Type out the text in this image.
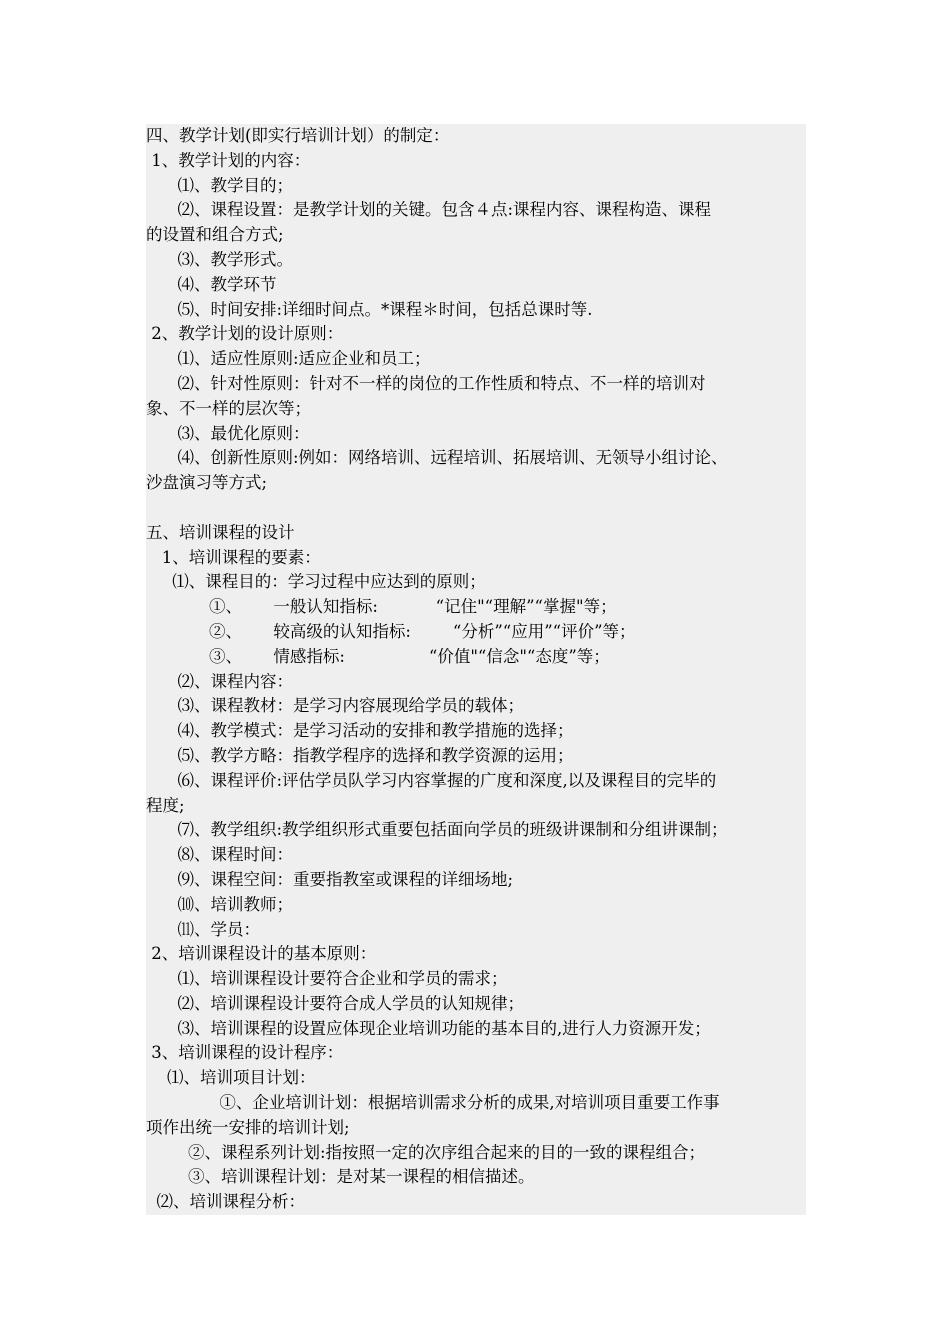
四、教学计划(即实行培训计划）的制定：
1、教学计划的内容：
⑴、教学目的；
⑵、课程设置：是教学计划的关键。包含４点:课程内容、课程构造、课程
的设置和组合方式;
⑶、教学形式。
⑷、教学环节
⑸、时间安排:详细时间点。*课程＊时间，包括总课时等.
2、教学计划的设计原则：
⑴、适应性原则:适应企业和员工；
⑵、针对性原则：针对不一样的岗位的工作性质和特点、不一样的培训对
象、不一样的层次等；
⑶、最优化原则：
⑷、创新性原则:例如：网络培训、远程培训、拓展培训、无领导小组讨论、
沙盘演习等方式;
五、培训课程的设计
1、培训课程的要素：
⑴、课程目的：学习过程中应达到的原则；
①、      一般认知指标:           “记住"“理解”“掌握"等；
②、      较高级的认知指标:        “分析”“应用”“评价”等；
③、      情感指标:                “价值"“信念"“态度”等；
⑵、课程内容：
⑶、课程教材：是学习内容展现给学员的载体；
⑷、教学模式：是学习活动的安排和教学措施的选择；
⑸、教学方略：指教学程序的选择和教学资源的运用；
⑹、课程评价:评估学员队学习内容掌握的广度和深度,以及课程目的完毕的
程度;
⑺、教学组织:教学组织形式重要包括面向学员的班级讲课制和分组讲课制；
⑻、课程时间：
⑼、课程空间：重要指教室或课程的详细场地;
⑽、培训教师；
⑾、学员：
2、培训课程设计的基本原则：
⑴、培训课程设计要符合企业和学员的需求；
⑵、培训课程设计要符合成人学员的认知规律；
⑶、培训课程的设置应体现企业培训功能的基本目的,进行人力资源开发；
3、培训课程的设计程序：
⑴、培训项目计划：
①、企业培训计划：根据培训需求分析的成果,对培训项目重要工作事
项作出统一安排的培训计划;
②、课程系列计划:指按照一定的次序组合起来的目的一致的课程组合；
③、培训课程计划：是对某一课程的相信描述。
⑵、培训课程分析：
